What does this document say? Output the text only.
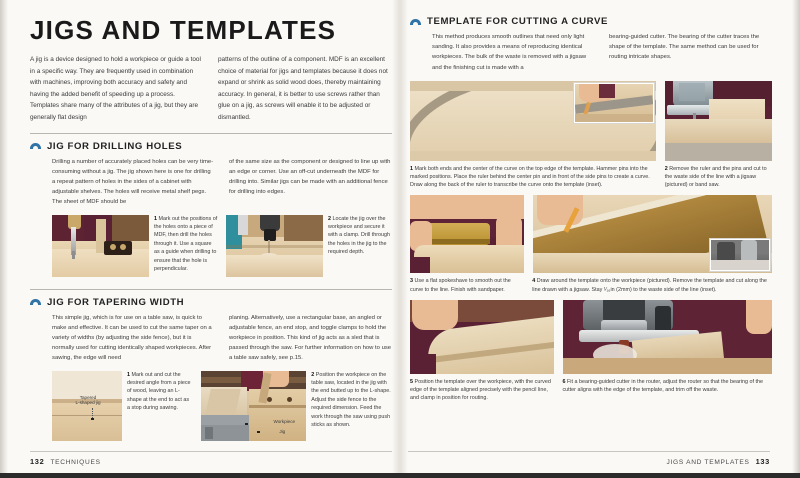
JIGS AND TEMPLATES

A jig is a device designed to hold a workpiece or guide a tool in a specific way. They are frequently used in combination with machines, improving both accuracy and safety and having the added benefit of speeding up a process. Templates share many of the attributes of a jig, but they are generally flat design

patterns of the outline of a component. MDF is an excellent choice of material for jigs and templates because it does not expand or shrink as solid wood does, thereby maintaining accuracy. In general, it is better to use screws rather than glue on a jig, as screws will enable it to be adjusted or dismantled.

JIG FOR DRILLING HOLES

Drilling a number of accurately placed holes can be very time-consuming without a jig. The jig shown here is one for drilling a repeat pattern of holes in the sides of a cabinet with adjustable shelves. The holes will receive metal shelf pegs. The sheet of MDF should be

of the same size as the component or designed to line up with an edge or corner. Use an off-cut underneath the MDF for drilling into. Similar jigs can be made with an additional fence for drilling into edges.

1 Mark out the positions of the holes onto a piece of MDF, then drill the holes through it. Use a square as a guide when drilling to ensure that the hole is perpendicular.
2 Locate the jig over the workpiece and secure it with a clamp. Drill through the holes in the jig to the required depth.
JIG FOR TAPERING WIDTH

This simple jig, which is for use on a table saw, is quick to make and effective. It can be used to cut the same taper on a variety of widths (by adjusting the side fence), but it is normally used for cutting identically shaped workpieces. After sawing, the edge will need

planing. Alternatively, use a rectangular base, an angled or adjustable fence, an end stop, and toggle clamps to hold the workpiece in position. This kind of jig acts as a sled that is passed through the saw. For further information on how to use a table saw safely, see p.15.

Tapered
L-shaped jig
1 Mark out and cut the desired angle from a piece of wood, leaving an L-shape at the end to act as a stop during sawing.
Workpiece
Jig
2 Position the workpiece on the table saw, located in the jig with the end butted up to the L-shape. Adjust the side fence to the required dimension. Feed the work through the saw using push sticks as shown.
TEMPLATE FOR CUTTING A CURVE

This method produces smooth outlines that need only light sanding. It also provides a means of reproducing identical workpieces. The bulk of the waste is removed with a jigsaw and the finishing cut is made with a

bearing-guided cutter. The bearing of the cutter traces the shape of the template. The same method can be used for routing intricate shapes.

1 Mark both ends and the center of the curve on the top edge of the template. Hammer pins into the marked positions. Place the ruler behind the center pin and in front of the side pins to create a curve. Draw along the back of the ruler to transcribe the curve onto the template (inset).
2 Remove the ruler and the pins and cut to the waste side of the line with a jigsaw (pictured) or band saw.
3 Use a flat spokeshave to smooth out the curve to the line. Finish with sandpaper.
4 Draw around the template onto the workpiece (pictured). Remove the template and cut along the line drawn with a jigsaw. Stay ¹⁄₁₆in (2mm) to the waste side of the line (inset).
5 Position the template over the workpiece, with the curved edge of the template aligned precisely with the pencil line, and clamp in position for routing.
6 Fit a bearing-guided cutter in the router, adjust the router so that the bearing of the cutter aligns with the edge of the template, and trim off the waste.
132 TECHNIQUES	JIGS AND TEMPLATES 133
